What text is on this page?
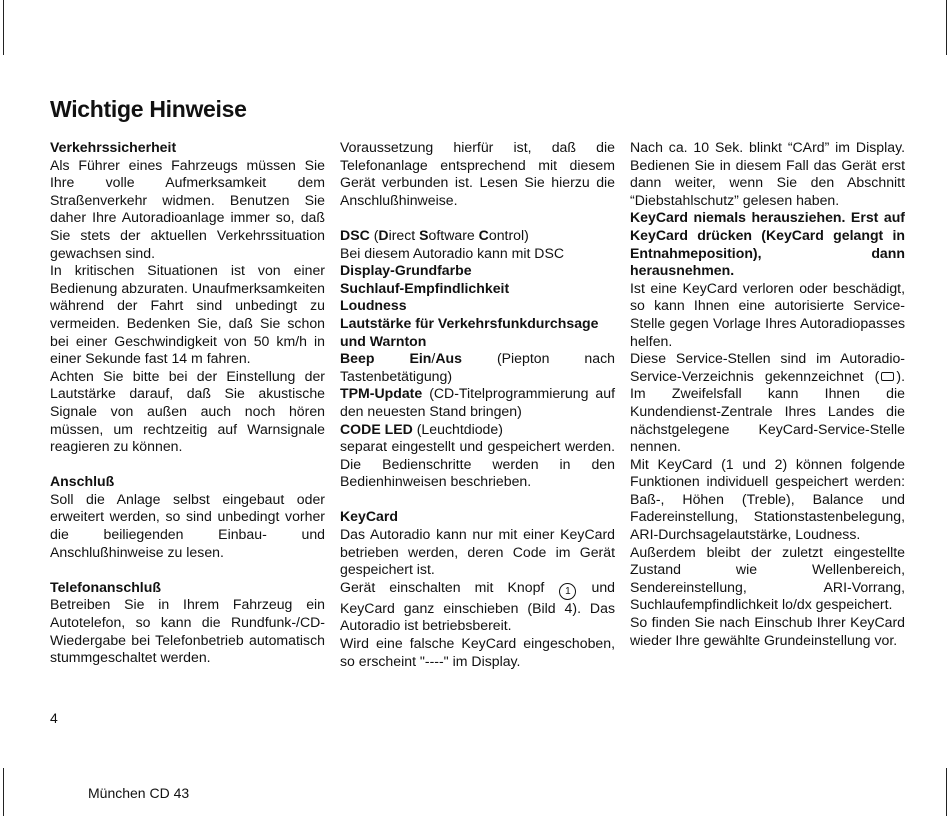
Wichtige Hinweise

Verkehrssicherheit

Als Führer eines Fahrzeugs müssen Sie Ihre volle Aufmerksamkeit dem Straßenverkehr widmen. Benutzen Sie daher Ihre Autoradioanlage immer so, daß Sie stets der aktuellen Verkehrssituation gewachsen sind.

In kritischen Situationen ist von einer Bedienung abzuraten. Unaufmerksamkeiten während der Fahrt sind unbedingt zu vermeiden. Bedenken Sie, daß Sie schon bei einer Geschwindigkeit von 50 km/h in einer Sekunde fast 14 m fahren.

Achten Sie bitte bei der Einstellung der Lautstärke darauf, daß Sie akustische Signale von außen auch noch hören müssen, um rechtzeitig auf Warnsignale reagieren zu können.

Anschluß

Soll die Anlage selbst eingebaut oder erweitert werden, so sind unbedingt vorher die beiliegenden Einbau- und Anschlußhinweise zu lesen.

Telefonanschluß

Betreiben Sie in Ihrem Fahrzeug ein Autotelefon, so kann die Rundfunk-/CD-Wiedergabe bei Telefonbetrieb automatisch stummgeschaltet werden.

Voraussetzung hierfür ist, daß die Telefonanlage entsprechend mit diesem Gerät verbunden ist. Lesen Sie hierzu die Anschlußhinweise.

DSC (Direct Software Control)

Bei diesem Autoradio kann mit DSC

Display-Grundfarbe

Suchlauf-Empfindlichkeit

Loudness

Lautstärke für Verkehrsfunkdurchsage und Warnton

Beep Ein/Aus (Piepton nach Tastenbetätigung)

TPM-Update (CD-Titelprogrammierung auf den neuesten Stand bringen)

CODE LED (Leuchtdiode)

separat eingestellt und gespeichert werden. Die Bedienschritte werden in den Bedienhinweisen beschrieben.

KeyCard

Das Autoradio kann nur mit einer KeyCard betrieben werden, deren Code im Gerät gespeichert ist.

Gerät einschalten mit Knopf 1 und KeyCard ganz einschieben (Bild 4). Das Autoradio ist betriebsbereit.

Wird eine falsche KeyCard eingeschoben, so erscheint "----" im Display.

Nach ca. 10 Sek. blinkt “CArd” im Display. Bedienen Sie in diesem Fall das Gerät erst dann weiter, wenn Sie den Abschnitt “Diebstahlschutz” gelesen haben.

KeyCard niemals herausziehen. Erst auf KeyCard drücken (KeyCard gelangt in Entnahmeposition), dann herausnehmen.

Ist eine KeyCard verloren oder beschädigt, so kann Ihnen eine autorisierte Service-Stelle gegen Vorlage Ihres Autoradiopasses helfen.

Diese Service-Stellen sind im Autoradio-Service-Verzeichnis gekennzeichnet ( ). Im Zweifelsfall kann Ihnen die Kundendienst-Zentrale Ihres Landes die nächstgelegene KeyCard-Service-Stelle nennen.

Mit KeyCard (1 und 2) können folgende Funktionen individuell gespeichert werden: Baß-, Höhen (Treble), Balance und Fadereinstellung, Stationstastenbelegung, ARI-Durchsagelautstärke, Loudness.

Außerdem bleibt der zuletzt eingestellte Zustand wie Wellenbereich, Sendereinstellung, ARI-Vorrang, Suchlaufempfindlichkeit lo/dx gespeichert.

So finden Sie nach Einschub Ihrer KeyCard wieder Ihre gewählte Grundeinstellung vor.

4
München CD 43
